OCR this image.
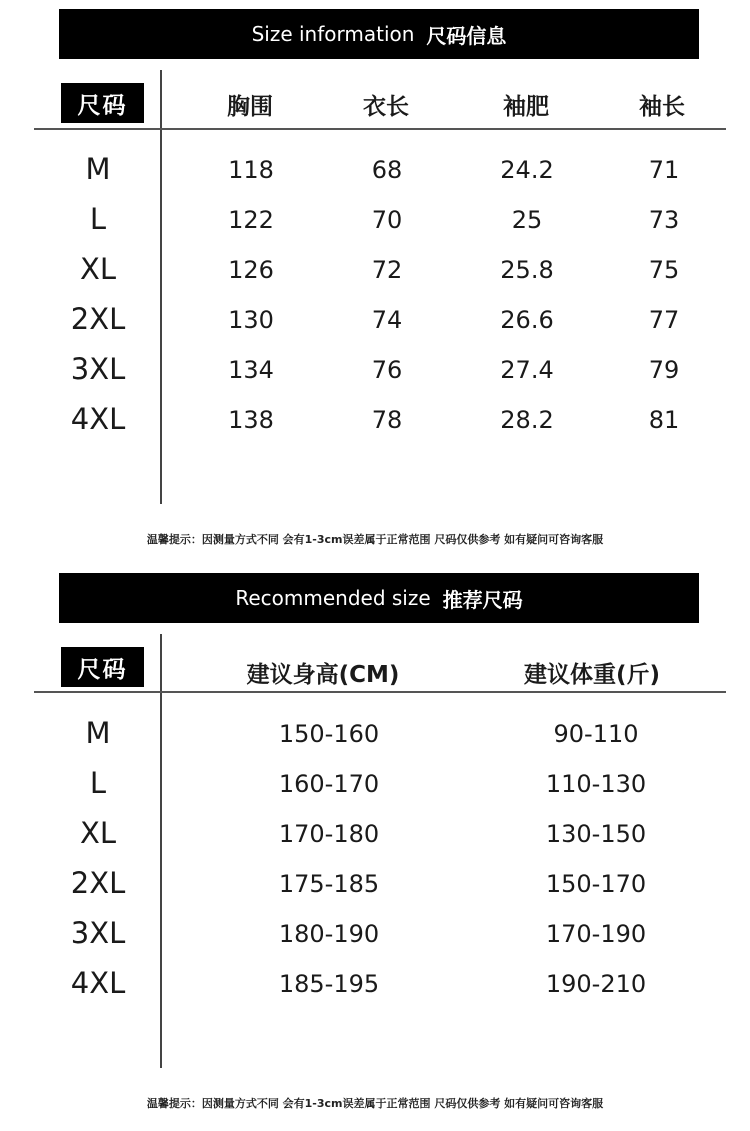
Size information 尺码信息
尺码	胸围	衣长	袖肥	袖长
M	118	68	24.2	71
L	122	70	25	73
XL	126	72	25.8	75
2XL	130	74	26.6	77
3XL	134	76	27.4	79
4XL	138	78	28.2	81
温馨提示：因测量方式不同 会有1-3cm误差属于正常范围 尺码仅供参考 如有疑问可咨询客服
Recommended size 推荐尺码
尺码	建议身高(CM)	建议体重(斤)
M	150-160	90-110
L	160-170	110-130
XL	170-180	130-150
2XL	175-185	150-170
3XL	180-190	170-190
4XL	185-195	190-210
温馨提示：因测量方式不同 会有1-3cm误差属于正常范围 尺码仅供参考 如有疑问可咨询客服
